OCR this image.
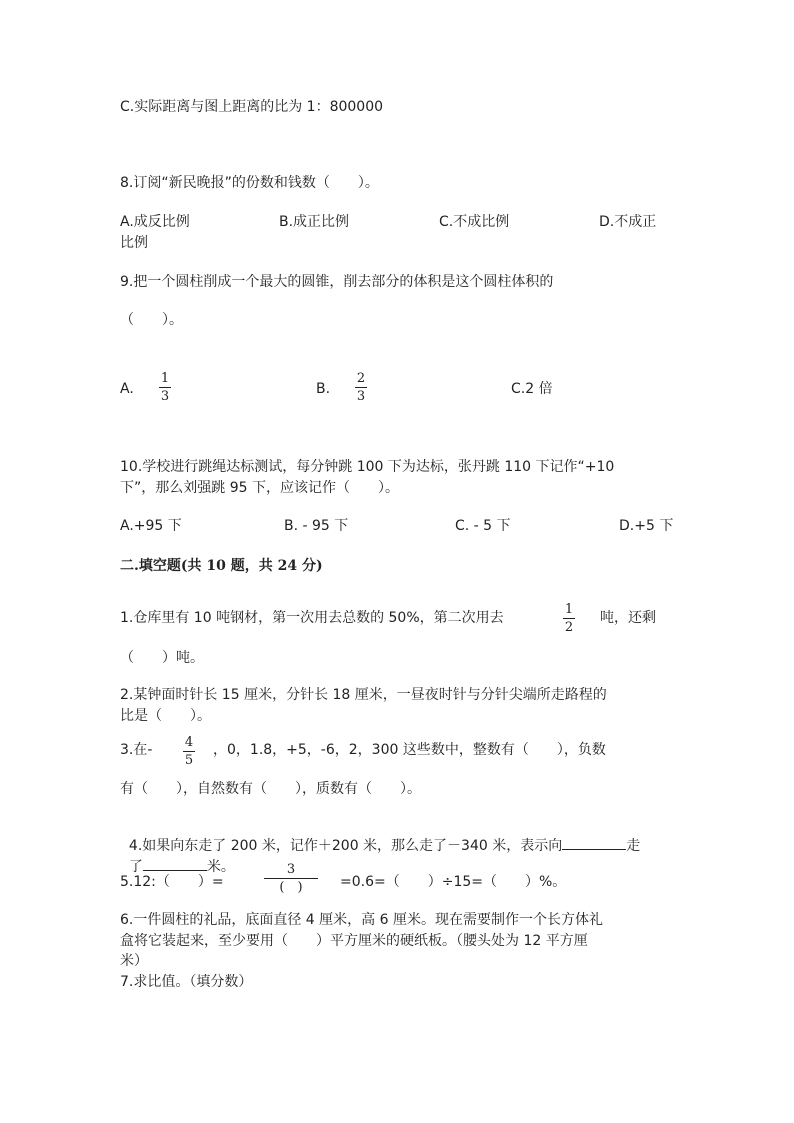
C.实际距离与图上距离的比为 1：800000
8.订阅“新民晚报”的份数和钱数（　　）。
A.成反比例	B.成正比例	C.不成比例	D.不成正
比例
9.把一个圆柱削成一个最大的圆锥，削去部分的体积是这个圆柱体积的
（　　）。
A.
1
3	B.
2
3	C.2 倍
10.学校进行跳绳达标测试，每分钟跳 100 下为达标，张丹跳 110 下记作“+10
下”，那么刘强跳 95 下，应该记作（　　）。
A.+95 下	B. - 95 下	C. - 5 下	D.+5 下
二.填空题(共 10 题，共 24 分)
1.仓库里有 10 吨钢材，第一次用去总数的 50%，第二次用去
1
2
吨，还剩
（　　）吨。
2.某钟面时针长 15 厘米，分针长 18 厘米，一昼夜时针与分针尖端所走路程的
比是（　　）。
3.在- 4
5
，0，1.8，+5，-6，2，300 这些数中，整数有（　　），负数
有（　　），自然数有（　　），质数有（　　）。

4.如果向东走了 200 米，记作＋200 米，那么走了－340 米，表示向	走

了	米。

5.12:（　　）=
3
(　)	=0.6=（　　）÷15=（　　）%。
6.一件圆柱的礼品，底面直径 4 厘米，高 6 厘米。现在需要制作一个长方体礼
盒将它装起来，至少要用（　　）平方厘米的硬纸板。（腰头处为 12 平方厘
米）
7.求比值。（填分数）
